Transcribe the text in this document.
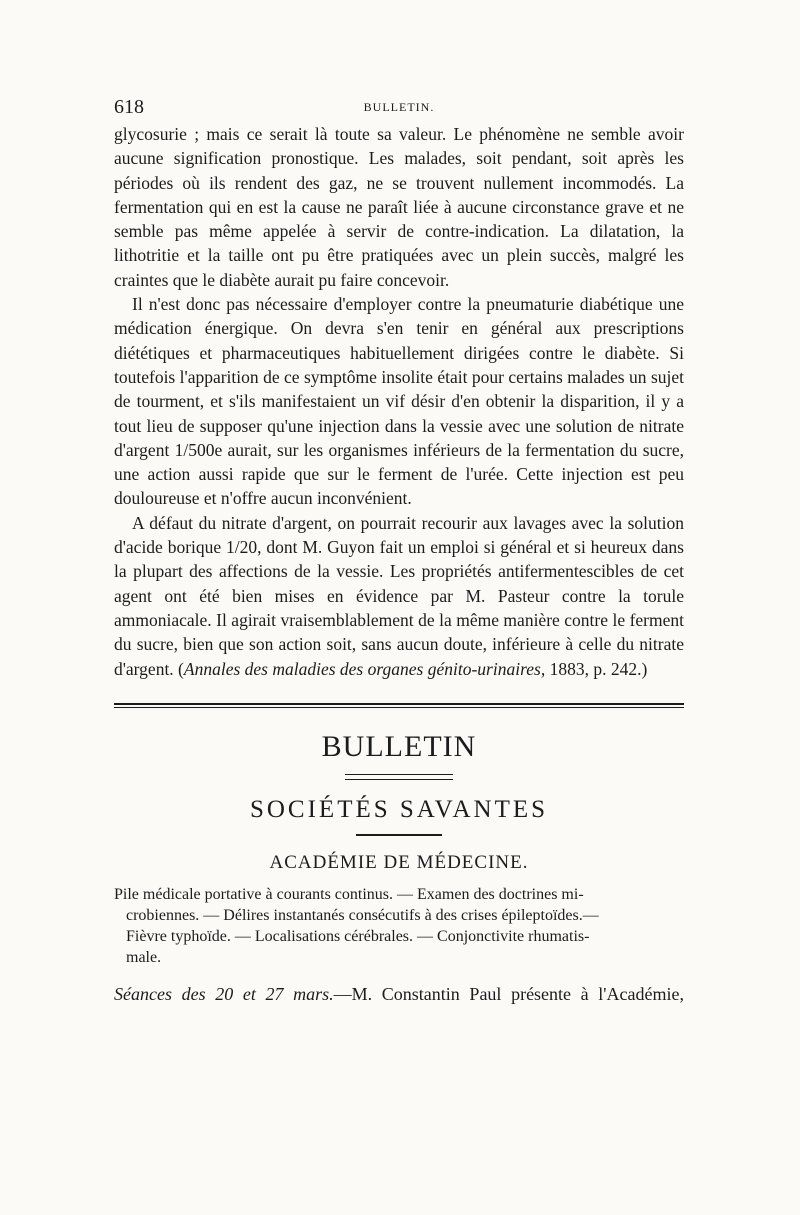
618	BULLETIN.

glycosurie ; mais ce serait là toute sa valeur. Le phénomène ne semble avoir aucune signification pronostique. Les malades, soit pendant, soit après les périodes où ils rendent des gaz, ne se trouvent nullement incommodés. La fermentation qui en est la cause ne paraît liée à aucune circonstance grave et ne semble pas même appelée à servir de contre-indication. La dilatation, la lithotritie et la taille ont pu être pratiquées avec un plein succès, malgré les craintes que le diabète aurait pu faire concevoir.

Il n'est donc pas nécessaire d'employer contre la pneumaturie diabétique une médication énergique. On devra s'en tenir en général aux prescriptions diététiques et pharmaceutiques habituellement dirigées contre le diabète. Si toutefois l'apparition de ce symptôme insolite était pour certains malades un sujet de tourment, et s'ils manifestaient un vif désir d'en obtenir la disparition, il y a tout lieu de supposer qu'une injection dans la vessie avec une solution de nitrate d'argent 1/500e aurait, sur les organismes inférieurs de la fermentation du sucre, une action aussi rapide que sur le ferment de l'urée. Cette injection est peu douloureuse et n'offre aucun inconvénient.

A défaut du nitrate d'argent, on pourrait recourir aux lavages avec la solution d'acide borique 1/20, dont M. Guyon fait un emploi si général et si heureux dans la plupart des affections de la vessie. Les propriétés antifermentescibles de cet agent ont été bien mises en évidence par M. Pasteur contre la torule ammoniacale. Il agirait vraisemblablement de la même manière contre le ferment du sucre, bien que son action soit, sans aucun doute, inférieure à celle du nitrate d'argent. (Annales des maladies des organes génito-urinaires, 1883, p. 242.)

BULLETIN
SOCIÉTÉS SAVANTES
ACADÉMIE DE MÉDECINE.
Pile médicale portative à courants continus. — Examen des doctrines mi-
crobiennes. — Délires instantanés consécutifs à des crises épileptoïdes.—
Fièvre typhoïde. — Localisations cérébrales. — Conjonctivite rhumatis-
male.
Séances des 20 et 27 mars.—M. Constantin Paul présente à l'Académie,
